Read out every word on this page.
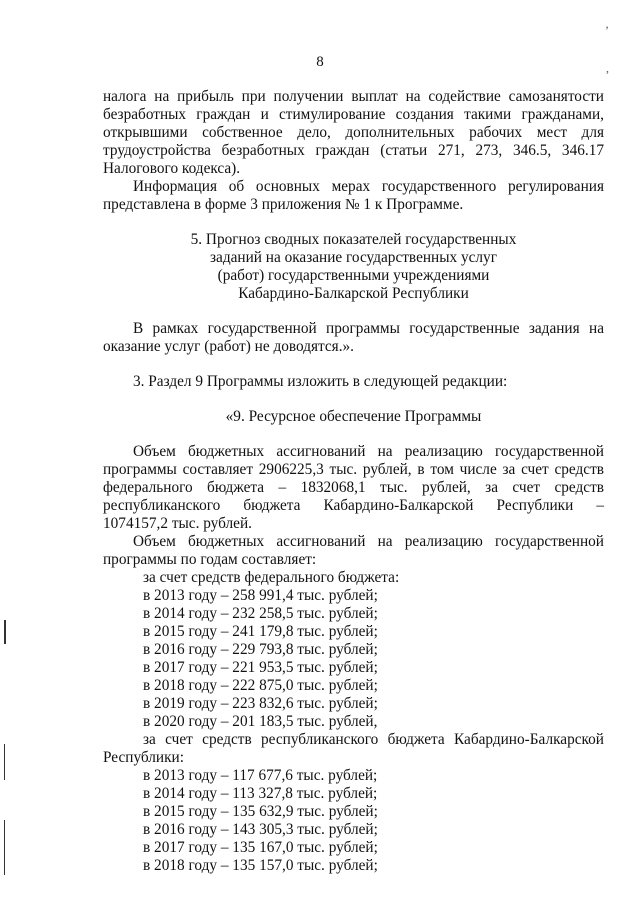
8
налога на прибыль при получении выплат на содействие самозанятости
безработных граждан и стимулирование создания такими гражданами,
открывшими собственное дело, дополнительных рабочих мест для
трудоустройства безработных граждан (статьи 271, 273, 346.5, 346.17
Налогового кодекса).
Информация об основных мерах государственного регулирования
представлена в форме 3 приложения № 1 к Программе.
5. Прогноз сводных показателей государственных
заданий на оказание государственных услуг
(работ) государственными учреждениями
Кабардино-Балкарской Республики
В рамках государственной программы государственные задания на
оказание услуг (работ) не доводятся.».
3. Раздел 9 Программы изложить в следующей редакции:
«9. Ресурсное обеспечение Программы
Объем бюджетных ассигнований на реализацию государственной
программы составляет 2906225,3 тыс. рублей, в том числе за счет средств
федерального бюджета – 1832068,1 тыс. рублей, за счет средств
республиканского бюджета Кабардино-Балкарской Республики –
1074157,2 тыс. рублей.
Объем бюджетных ассигнований на реализацию государственной
программы по годам составляет:
за счет средств федерального бюджета:
в 2013 году – 258 991,4 тыс. рублей;
в 2014 году – 232 258,5 тыс. рублей;
в 2015 году – 241 179,8 тыс. рублей;
в 2016 году – 229 793,8 тыс. рублей;
в 2017 году – 221 953,5 тыс. рублей;
в 2018 году – 222 875,0 тыс. рублей;
в 2019 году – 223 832,6 тыс. рублей;
в 2020 году – 201 183,5 тыс. рублей,
за счет средств республиканского бюджета Кабардино-Балкарской
Республики:
в 2013 году – 117 677,6 тыс. рублей;
в 2014 году – 113 327,8 тыс. рублей;
в 2015 году – 135 632,9 тыс. рублей;
в 2016 году – 143 305,3 тыс. рублей;
в 2017 году – 135 167,0 тыс. рублей;
в 2018 году – 135 157,0 тыс. рублей;
’
,
